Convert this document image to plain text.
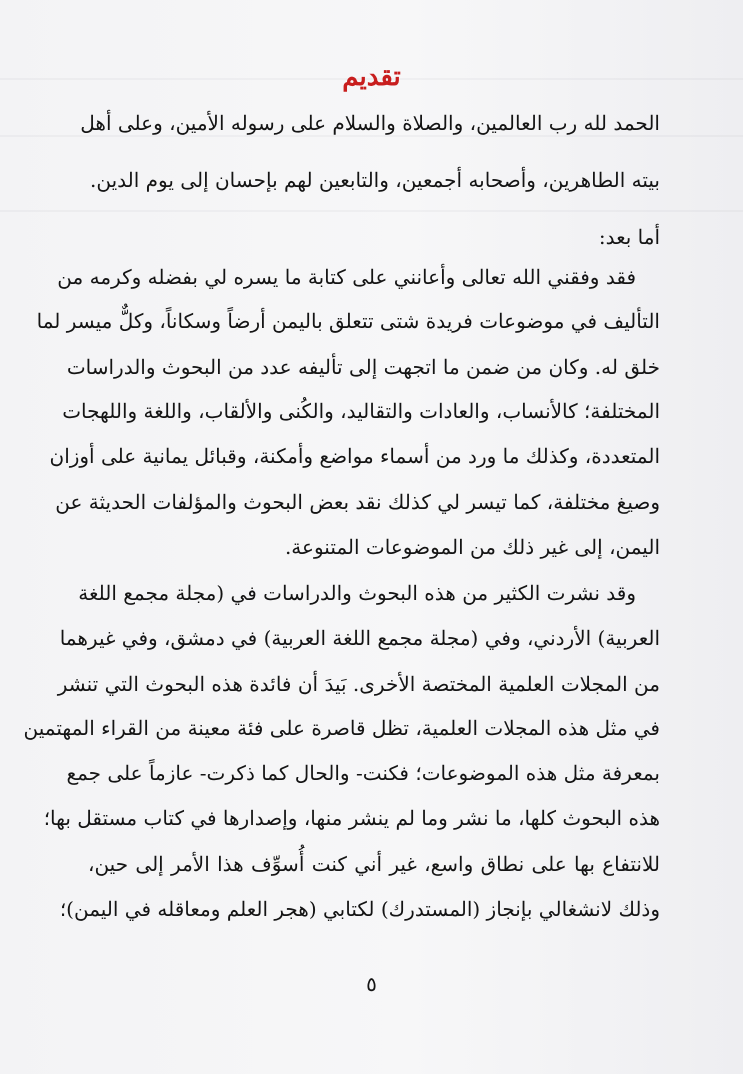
تقديم
الحمد لله رب العالمين، والصلاة والسلام على رسوله الأمين، وعلى أهل
بيته الطاهرين، وأصحابه أجمعين، والتابعين لهم بإحسان إلى يوم الدين.
أما بعد:
فقد وفقني الله تعالى وأعانني على كتابة ما يسره لي بفضله وكرمه من
التأليف في موضوعات فريدة شتى تتعلق باليمن أرضاً وسكاناً، وكلٌّ ميسر لما
خلق له. وكان من ضمن ما اتجهت إلى تأليفه عدد من البحوث والدراسات
المختلفة؛ كالأنساب، والعادات والتقاليد، والكُنى والألقاب، واللغة واللهجات
المتعددة، وكذلك ما ورد من أسماء مواضع وأمكنة، وقبائل يمانية على أوزان
وصيغ مختلفة، كما تيسر لي كذلك نقد بعض البحوث والمؤلفات الحديثة عن
اليمن، إلى غير ذلك من الموضوعات المتنوعة.
وقد نشرت الكثير من هذه البحوث والدراسات في (مجلة مجمع اللغة
العربية) الأردني، وفي (مجلة مجمع اللغة العربية) في دمشق، وفي غيرهما
من المجلات العلمية المختصة الأخرى. بَيدَ أن فائدة هذه البحوث التي تنشر
في مثل هذه المجلات العلمية، تظل قاصرة على فئة معينة من القراء المهتمين
بمعرفة مثل هذه الموضوعات؛ فكنت- والحال كما ذكرت- عازماً على جمع
هذه البحوث كلها، ما نشر وما لم ينشر منها، وإصدارها في كتاب مستقل بها؛
للانتفاع بها على نطاق واسع، غير أني كنت أُسوِّف هذا الأمر إلى حين،
وذلك لانشغالي بإنجاز (المستدرك) لكتابي (هجر العلم ومعاقله في اليمن)؛
٥
